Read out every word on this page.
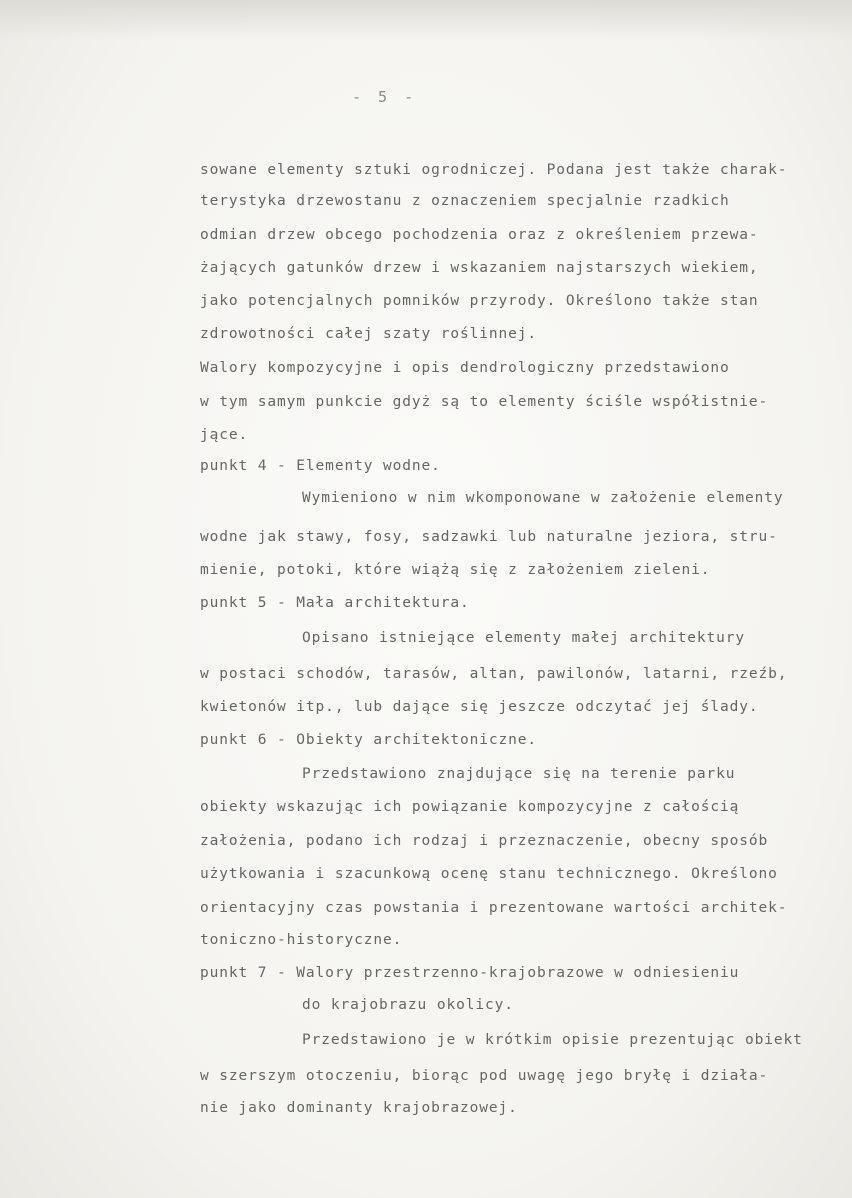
- 5 -
sowane elementy sztuki ogrodniczej. Podana jest także charak-
terystyka drzewostanu z oznaczeniem specjalnie rzadkich
odmian drzew obcego pochodzenia oraz z określeniem przewa-
żających gatunków drzew i wskazaniem najstarszych wiekiem,
jako potencjalnych pomników przyrody. Określono także stan
zdrowotności całej szaty roślinnej.
Walory kompozycyjne i opis dendrologiczny przedstawiono
w tym samym punkcie gdyż są to elementy ściśle współistnie-
jące.
punkt 4 - Elementy wodne.
Wymieniono w nim wkomponowane w założenie elementy
wodne jak stawy, fosy, sadzawki lub naturalne jeziora, stru-
mienie, potoki, które wiążą się z założeniem zieleni.
punkt 5 - Mała architektura.
Opisano istniejące elementy małej architektury
w postaci schodów, tarasów, altan, pawilonów, latarni, rzeźb,
kwietonów itp., lub dające się jeszcze odczytać jej ślady.
punkt 6 - Obiekty architektoniczne.
Przedstawiono znajdujące się na terenie parku
obiekty wskazując ich powiązanie kompozycyjne z całością
założenia, podano ich rodzaj i przeznaczenie, obecny sposób
użytkowania i szacunkową ocenę stanu technicznego. Określono
orientacyjny czas powstania i prezentowane wartości architek-
toniczno-historyczne.
punkt 7 - Walory przestrzenno-krajobrazowe w odniesieniu
do krajobrazu okolicy.
Przedstawiono je w krótkim opisie prezentując obiekt
w szerszym otoczeniu, biorąc pod uwagę jego bryłę i działa-
nie jako dominanty krajobrazowej.
